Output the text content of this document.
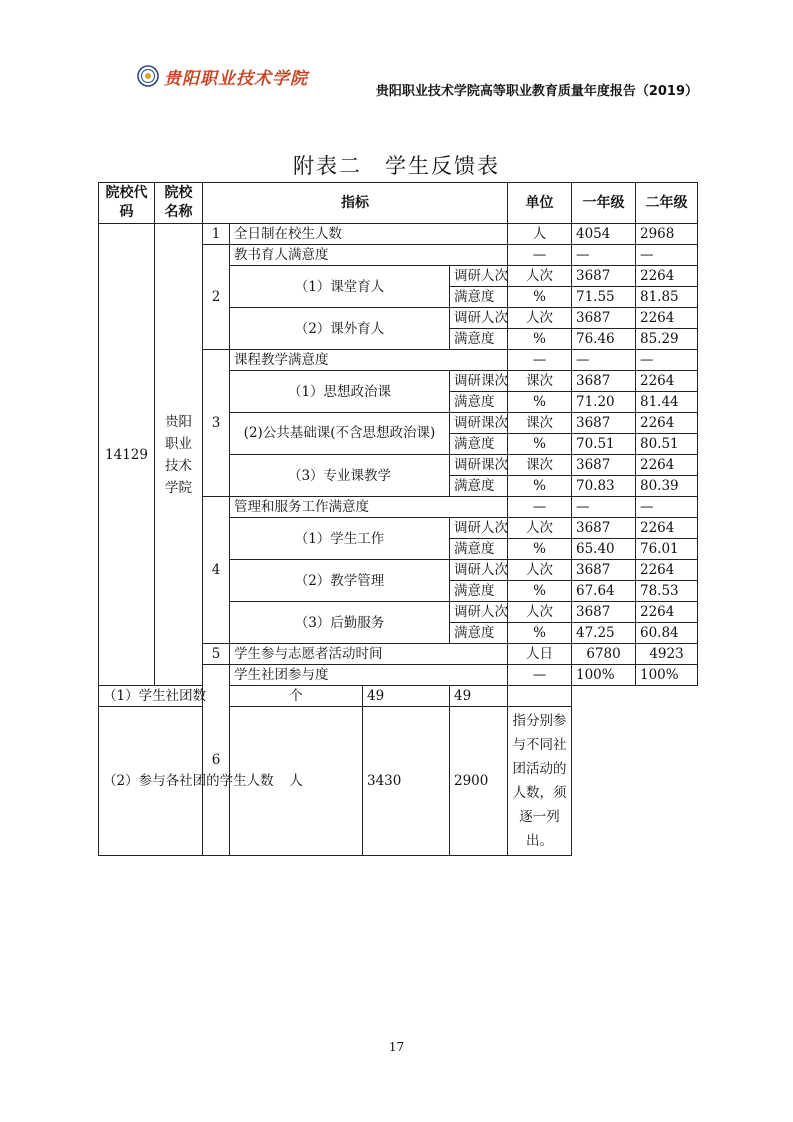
贵阳职业技术学院
贵阳职业技术学院高等职业教育质量年度报告（2019）
附表二　学生反馈表
院校代码	院校名称	指标				单位	一年级	二年级	
14129	贵阳职业技术学院	1	全日制在校生人数			人	4054	2968	
		2	教书育人满意度			—	—	—	
			（1）课堂育人		调研人次	人次	3687	2264	
					满意度	%	71.55	81.85	
			（2）课外育人		调研人次	人次	3687	2264	
					满意度	%	76.46	85.29	
		3	课程教学满意度			—	—	—	
			（1）思想政治课		调研课次	课次	3687	2264	
					满意度	%	71.20	81.44	
			(2)公共基础课(不含思想政治课)		调研课次	课次	3687	2264	
					满意度	%	70.51	80.51	
			（3）专业课教学		调研课次	课次	3687	2264	
					满意度	%	70.83	80.39	
		4	管理和服务工作满意度			—	—	—	
			（1）学生工作		调研人次	人次	3687	2264	
					满意度	%	65.40	76.01	
			（2）教学管理		调研人次	人次	3687	2264	
					满意度	%	67.64	78.53	
			（3）后勤服务		调研人次	人次	3687	2264	
					满意度	%	47.25	60.84	
		5	学生参与志愿者活动时间			人日	6780	4923	
		6	学生社团参与度			—	100%	100%	
（1）学生社团数			个	49	49				
（2）参与各社团的学生人数			人	3430	2900	指分别参与不同社团活动的人数，须逐一列出。			
17
